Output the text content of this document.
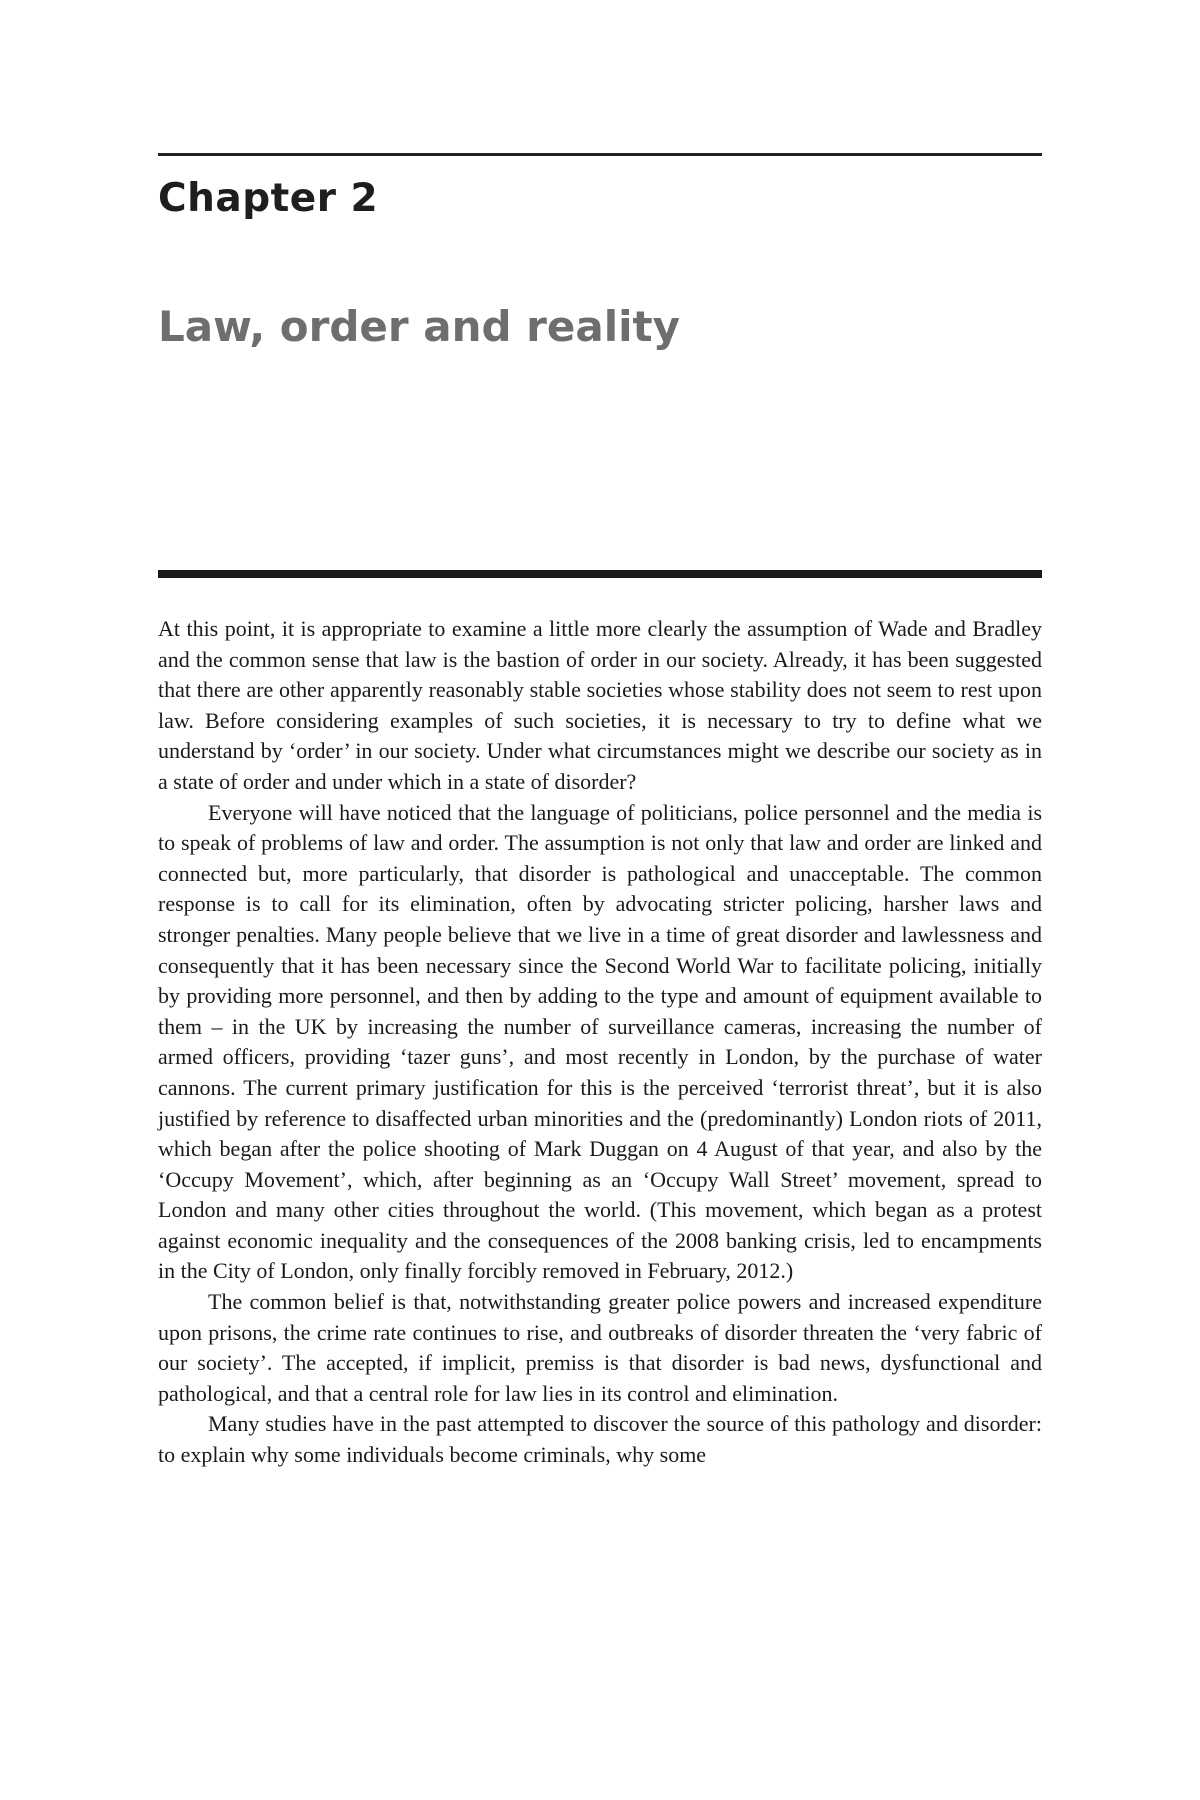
Chapter 2
Law, order and reality

At this point, it is appropriate to examine a little more clearly the assumption of Wade and Bradley and the common sense that law is the bastion of order in our society. Already, it has been suggested that there are other apparently reasonably stable societies whose stability does not seem to rest upon law. Before considering examples of such societies, it is necessary to try to define what we understand by ‘order’ in our society. Under what circumstances might we describe our society as in a state of order and under which in a state of disorder?

Everyone will have noticed that the language of politicians, police personnel and the media is to speak of problems of law and order. The assumption is not only that law and order are linked and connected but, more particularly, that disorder is pathological and unacceptable. The common response is to call for its elimination, often by advocating stricter policing, harsher laws and stronger penalties. Many people believe that we live in a time of great disorder and lawlessness and consequently that it has been necessary since the Second World War to facilitate policing, initially by providing more personnel, and then by adding to the type and amount of equipment available to them – in the UK by increasing the number of surveillance cameras, increasing the number of armed officers, providing ‘tazer guns’, and most recently in London, by the purchase of water cannons. The current primary justification for this is the perceived ‘terrorist threat’, but it is also justified by reference to disaffected urban minorities and the (predominantly) London riots of 2011, which began after the police shooting of Mark Duggan on 4 August of that year, and also by the ‘Occupy Movement’, which, after beginning as an ‘Occupy Wall Street’ movement, spread to London and many other cities throughout the world. (This movement, which began as a protest against economic inequality and the consequences of the 2008 banking crisis, led to encampments in the City of London, only finally forcibly removed in February, 2012.)

The common belief is that, notwithstanding greater police powers and increased expenditure upon prisons, the crime rate continues to rise, and outbreaks of disorder threaten the ‘very fabric of our society’. The accepted, if implicit, premiss is that disorder is bad news, dysfunctional and pathological, and that a central role for law lies in its control and elimination.

Many studies have in the past attempted to discover the source of this pathology and disorder: to explain why some individuals become criminals, why some
